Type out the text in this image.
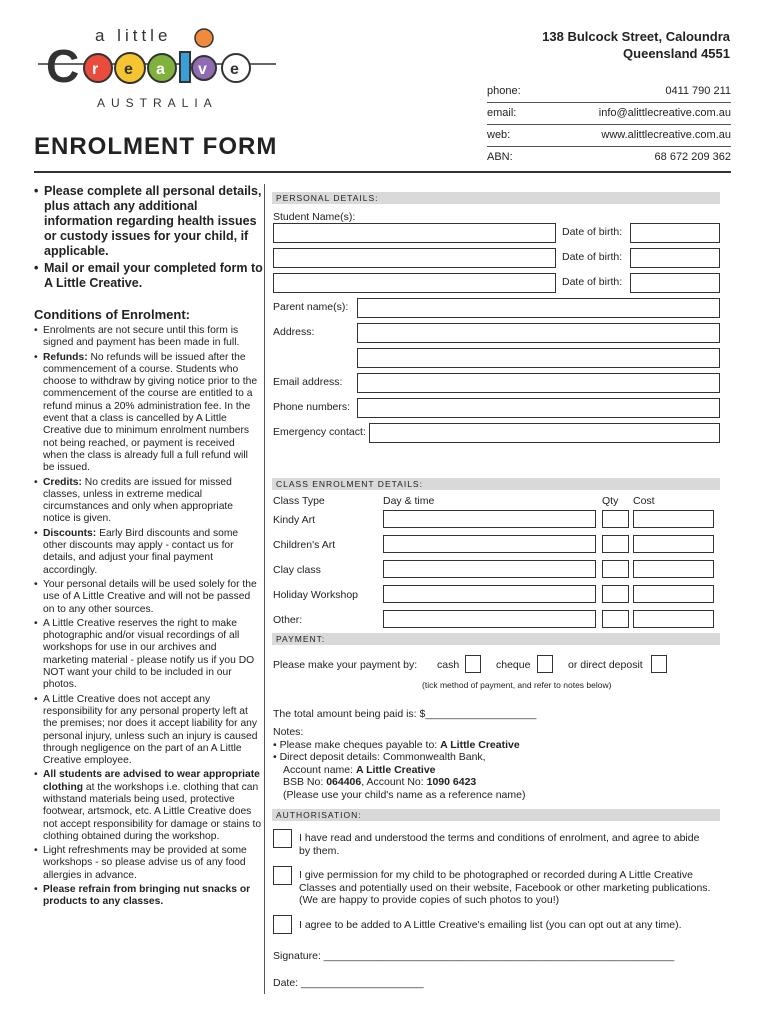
a little
C r e a v e
AUSTRALIA
138 Bulcock Street, Caloundra
Queensland 4551
phone:	0411 790 211
email:	info@alittlecreative.com.au
web:	www.alittlecreative.com.au
ABN:	68 672 209 362
ENROLMENT FORM
• Please complete all personal details, plus attach any additional information regarding health issues or custody issues for your child, if applicable.
• Mail or email your completed form to A Little Creative.
Conditions of Enrolment:
• Enrolments are not secure until this form is signed and payment has been made in full.
• Refunds: No refunds will be issued after the commencement of a course. Students who choose to withdraw by giving notice prior to the commencement of the course are entitled to a refund minus a 20% administration fee. In the event that a class is cancelled by A Little Creative due to minimum enrolment numbers not being reached, or payment is received when the class is already full a full refund will be issued.
• Credits: No credits are issued for missed classes, unless in extreme medical circumstances and only when appropriate notice is given.
• Discounts: Early Bird discounts and some other discounts may apply - contact us for details, and adjust your final payment accordingly.
• Your personal details will be used solely for the use of A Little Creative and will not be passed on to any other sources.
• A Little Creative reserves the right to make photographic and/or visual recordings of all workshops for use in our archives and marketing material - please notify us if you DO NOT want your child to be included in our photos.
• A Little Creative does not accept any responsibility for any personal property left at the premises; nor does it accept liability for any personal injury, unless such an injury is caused through negligence on the part of an A Little Creative employee.
• All students are advised to wear appropriate clothing at the workshops i.e. clothing that can withstand materials being used, protective footwear, artsmock, etc. A Little Creative does not accept responsibility for damage or stains to clothing obtained during the workshop.
• Light refreshments may be provided at some workshops - so please advise us of any food allergies in advance.
• Please refrain from bringing nut snacks or products to any classes.
PERSONAL DETAILS:
Student Name(s):
Date of birth:
Date of birth:
Date of birth:
Parent name(s):
Address:
Email address:
Phone numbers:
Emergency contact:
CLASS ENROLMENT DETAILS:
Class Type	Day & time	Qty Cost
Kindy Art
Children's Art
Clay class
Holiday Workshop
Other:
PAYMENT:
Please make your payment by: cash	cheque	or direct deposit
(tick method of payment, and refer to notes below)
The total amount being paid is: $___________________
Notes:
• Please make cheques payable to: A Little Creative
• Direct deposit details: Commonwealth Bank,
Account name: A Little Creative
BSB No: 064406, Account No: 1090 6423
(Please use your child's name as a reference name)
AUTHORISATION:
I have read and understood the terms and conditions of enrolment, and agree to abide by them.
I give permission for my child to be photographed or recorded during A Little Creative Classes and potentially used on their website, Facebook or other marketing publications. (We are happy to provide copies of such photos to you!)
I agree to be added to A Little Creative's emailing list (you can opt out at any time).
Signature: ____________________________________________________________
Date: _____________________
